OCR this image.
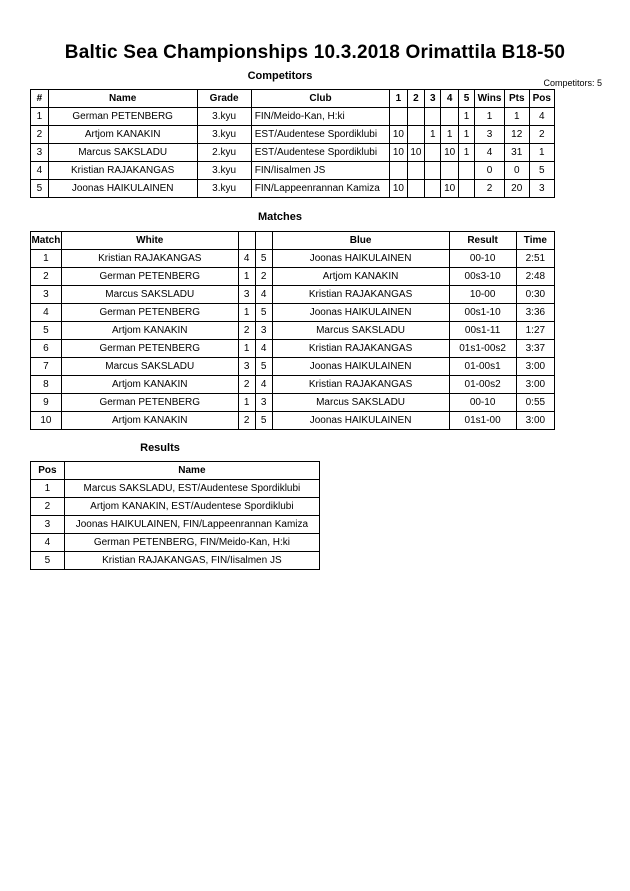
Baltic Sea Championships 10.3.2018 Orimattila B18-50
Competitors
Competitors: 5
#	Name	Grade	Club	1	2	3	4	5	Wins	Pts	Pos
1	German PETENBERG	3.kyu	FIN/Meido-Kan, H:ki					1	1	1	4
2	Artjom KANAKIN	3.kyu	EST/Audentese Spordiklubi	10		1	1	1	3	12	2
3	Marcus SAKSLADU	2.kyu	EST/Audentese Spordiklubi	10	10		10	1	4	31	1
4	Kristian RAJAKANGAS	3.kyu	FIN/Iisalmen JS						0	0	5
5	Joonas HAIKULAINEN	3.kyu	FIN/Lappeenrannan Kamizа	10			10		2	20	3
Matches
Match	White			Blue	Result	Time
1	Kristian RAJAKANGAS	4	5	Joonas HAIKULAINEN	00-10	2:51
2	German PETENBERG	1	2	Artjom KANAKIN	00s3-10	2:48
3	Marcus SAKSLADU	3	4	Kristian RAJAKANGAS	10-00	0:30
4	German PETENBERG	1	5	Joonas HAIKULAINEN	00s1-10	3:36
5	Artjom KANAKIN	2	3	Marcus SAKSLADU	00s1-11	1:27
6	German PETENBERG	1	4	Kristian RAJAKANGAS	01s1-00s2	3:37
7	Marcus SAKSLADU	3	5	Joonas HAIKULAINEN	01-00s1	3:00
8	Artjom KANAKIN	2	4	Kristian RAJAKANGAS	01-00s2	3:00
9	German PETENBERG	1	3	Marcus SAKSLADU	00-10	0:55
10	Artjom KANAKIN	2	5	Joonas HAIKULAINEN	01s1-00	3:00
Results
Pos	Name
1	Marcus SAKSLADU, EST/Audentese Spordiklubi
2	Artjom KANAKIN, EST/Audentese Spordiklubi
3	Joonas HAIKULAINEN, FIN/Lappeenrannan Kamizа
4	German PETENBERG, FIN/Meido-Kan, H:ki
5	Kristian RAJAKANGAS, FIN/Iisalmen JS
